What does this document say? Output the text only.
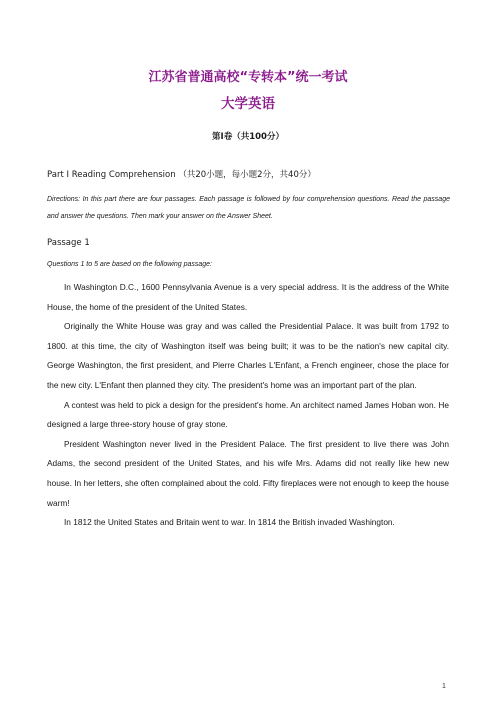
江苏省普通高校“专转本”统一考试
大学英语
第Ⅰ卷（共100分）
Part I Reading Comprehension （共20小题，每小题2分，共40分）
Directions: In this part there are four passages. Each passage is followed by four comprehension questions. Read the passage and answer the questions. Then mark your answer on the Answer Sheet.
Passage 1
Questions 1 to 5 are based on the following passage:

In Washington D.C., 1600 Pennsylvania Avenue is a very special address. It is the address of the White House, the home of the president of the United States.

Originally the White House was gray and was called the Presidential Palace. It was built from 1792 to 1800. at this time, the city of Washington itself was being built; it was to be the nation's new capital city. George Washington, the first president, and Pierre Charles L'Enfant, a French engineer, chose the place for the new city. L'Enfant then planned they city. The president's home was an important part of the plan.

A contest was held to pick a design for the president's home. An architect named James Hoban won. He designed a large three-story house of gray stone.

President Washington never lived in the President Palace. The first president to live there was John Adams, the second president of the United States, and his wife Mrs. Adams did not really like hew new house. In her letters, she often complained about the cold. Fifty fireplaces were not enough to keep the house warm!

In 1812 the United States and Britain went to war. In 1814 the British invaded Washington.

1
